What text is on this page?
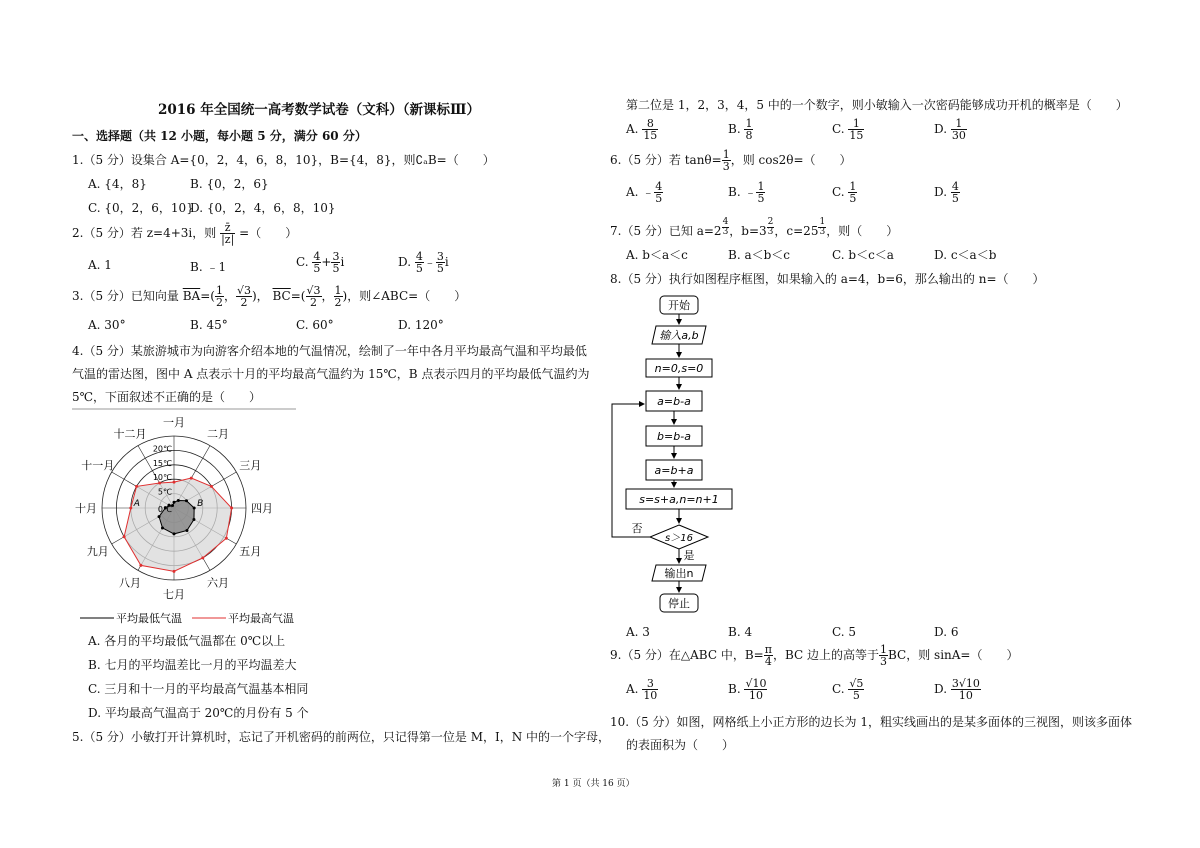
2016 年全国统一高考数学试卷（文科）（新课标Ⅲ）
一、选择题（共 12 小题，每小题 5 分，满分 60 分）
1.（5 分）设集合 A={0，2，4，6，8，10}，B={4，8}，则∁ₐB=（　　）
A. {4，8}	B. {0，2，6}
C. {0，2，6，10}
D. {0，2，4，6，8，10}
2.（5 分）若 z=4+3i，则 $\frac{z̄}{|z|}$ =（　　）
A. 1	B. ﹣1	C. $\frac{4}{5} + \frac{3}{5}$ i	D. $\frac{4}{5}$ ﹣ $\frac{3}{5}$ i
3.（5 分）已知向量 $\overline{BA}=( \frac{1}{2}$ ， $\frac{√3}{2}$ )， $\overline{BC}=( \frac{√3}{2}$ ， $\frac{1}{2}$ )，则∠ABC=（　　）
A. 30°	B. 45°	C. 60°	D. 120°
4.（5 分）某旅游城市为向游客介绍本地的气温情况，绘制了一年中各月平均最高气温和平均最低
气温的雷达图，图中 A 点表示十月的平均最高气温约为 15℃，B 点表示四月的平均最低气温约为
5℃，下面叙述不正确的是（　　）
20℃
15℃
10℃
5℃
0℃
一月
二月
三月
四月
五月
六月
七月
八月
九月
十月
十一月
十二月
A	B
平均最低气温	平均最高气温
A. 各月的平均最低气温都在 0℃以上
B. 七月的平均温差比一月的平均温差大
C. 三月和十一月的平均最高气温基本相同
D. 平均最高气温高于 20℃的月份有 5 个
5.（5 分）小敏打开计算机时，忘记了开机密码的前两位，只记得第一位是 M，I，N 中的一个字母，
第二位是 1，2，3，4，5 中的一个数字，则小敏输入一次密码能够成功开机的概率是（　　）
A. $\frac{8}{15}$	B. $\frac{1}{8}$	C. $\frac{1}{15}$	D. $\frac{1}{30}$
6.（5 分）若 $\tan\theta= \frac{1}{3}$ ，则 cos2θ=（　　）
A. ﹣ $\frac{4}{5}$	B. ﹣ $\frac{1}{5}$	C. $\frac{1}{5}$	D. $\frac{4}{5}$
7.（5 分）已知 a=2 $^{\frac{4}{3}}$ ，b=3 $^{\frac{2}{3}}$ ，c=25 $^{\frac{1}{3}}$ ，则（　　）
A. b＜a＜c	B. a＜b＜c	C. b＜c＜a	D. c＜a＜b
8.（5 分）执行如图程序框图，如果输入的 a=4，b=6，那么输出的 n=（　　）
开始
输入a,b
n=0,s=0
a=b-a
b=b-a
a=b+a
s=s+a,n=n+1
s＞16
否
是
输出n
停止
A. 3	B. 4	C. 5	D. 6
9.（5 分）在△ABC 中，$B= \frac{\pi}{4}$ ，BC 边上的高等于 $\frac{1}{3}$ BC，则 sinA=（　　）
A. $\frac{3}{10}$	B. $\frac{√10}{10}$	C. $\frac{√5}{5}$	D. $\frac{3√10}{10}$
10.（5 分）如图，网格纸上小正方形的边长为 1，粗实线画出的是某多面体的三视图，则该多面体
的表面积为（　　）
第 1 页（共 16 页）
